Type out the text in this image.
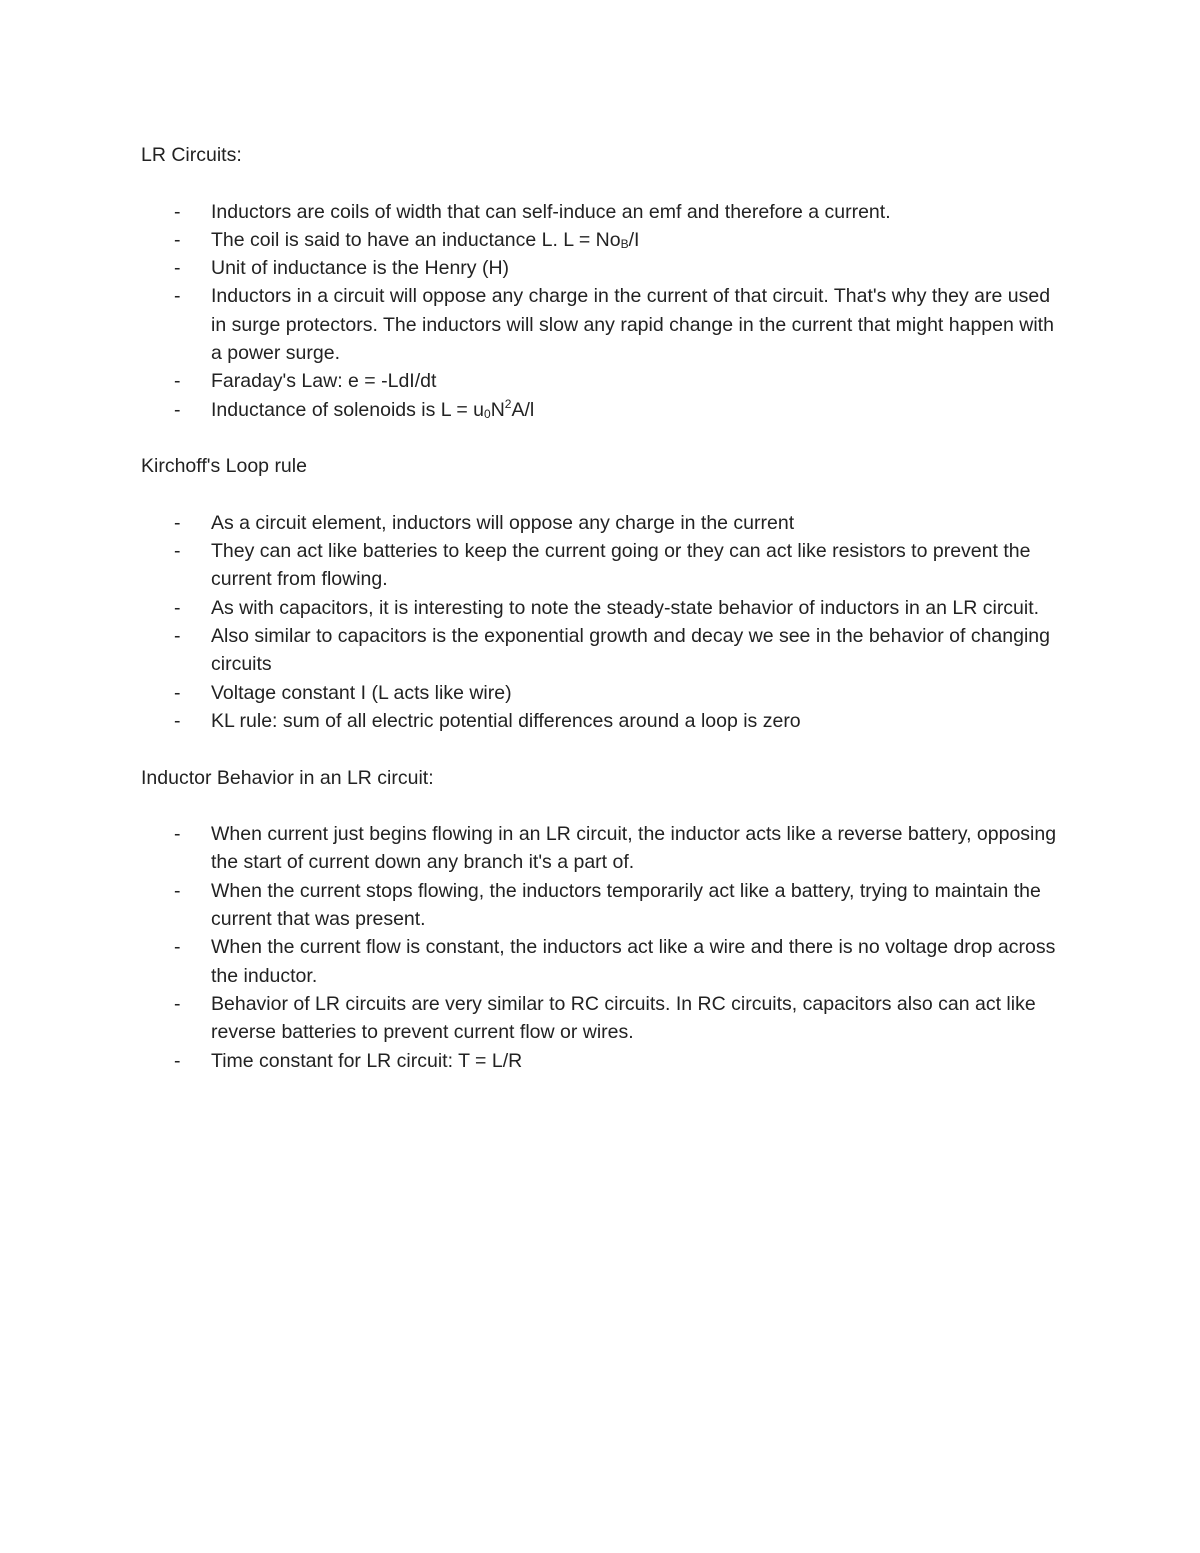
LR Circuits:

- Inductors are coils of width that can self-induce an emf and therefore a current.
- The coil is said to have an inductance L. $L = No_B/I$
- Unit of inductance is the Henry (H)
- Inductors in a circuit will oppose any charge in the current of that circuit. That's why they are used in surge protectors. The inductors will slow any rapid change in the current that might happen with a power surge.
- Faraday's Law: e = -LdI/dt
- Inductance of solenoids is $L = u_0N^2A/l$

Kirchoff's Loop rule

- As a circuit element, inductors will oppose any charge in the current
- They can act like batteries to keep the current going or they can act like resistors to prevent the current from flowing.
- As with capacitors, it is interesting to note the steady-state behavior of inductors in an LR circuit.
- Also similar to capacitors is the exponential growth and decay we see in the behavior of changing circuits
- Voltage constant I (L acts like wire)
- KL rule: sum of all electric potential differences around a loop is zero

Inductor Behavior in an LR circuit:

- When current just begins flowing in an LR circuit, the inductor acts like a reverse battery, opposing the start of current down any branch it's a part of.
- When the current stops flowing, the inductors temporarily act like a battery, trying to maintain the current that was present.
- When the current flow is constant, the inductors act like a wire and there is no voltage drop across the inductor.
- Behavior of LR circuits are very similar to RC circuits. In RC circuits, capacitors also can act like reverse batteries to prevent current flow or wires.
- Time constant for LR circuit: T = L/R
